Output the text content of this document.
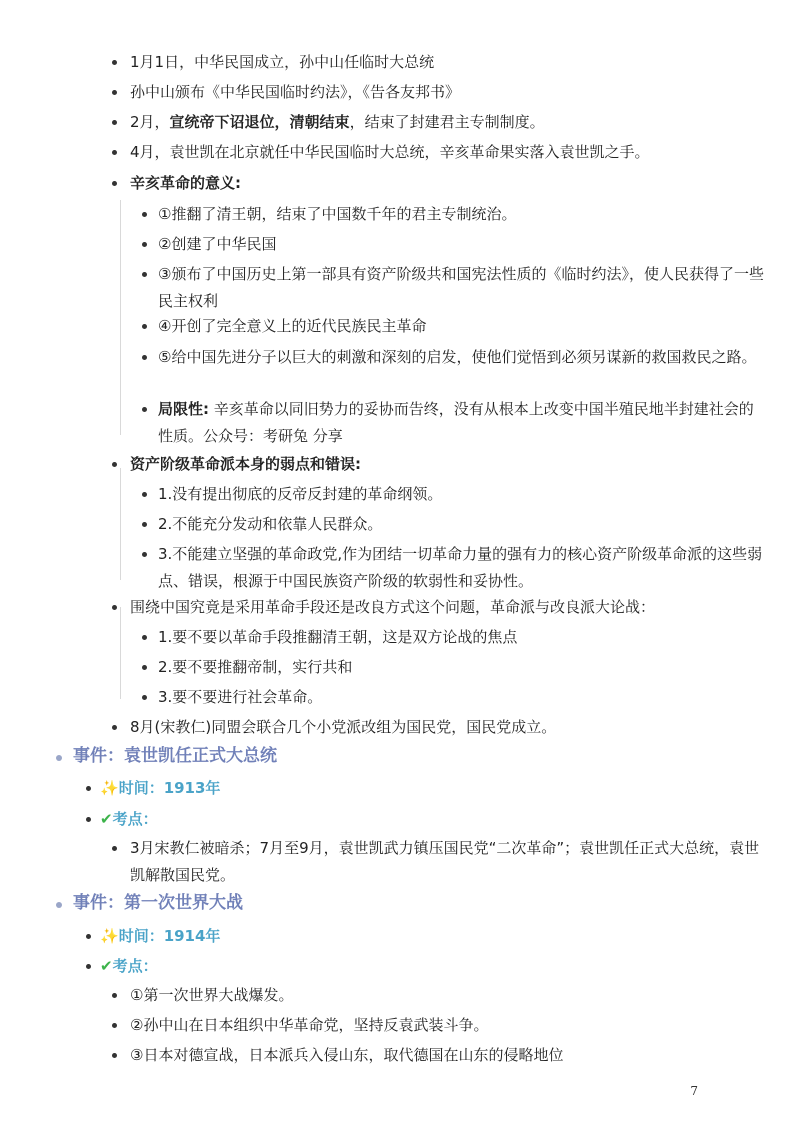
1月1日，中华民国成立，孙中山任临时大总统
孙中山颁布《中华民国临时约法》，《告各友邦书》
2月，宣统帝下诏退位，清朝结束，结束了封建君主专制制度。
4月，袁世凯在北京就任中华民国临时大总统，辛亥革命果实落入袁世凯之手。
辛亥革命的意义:
①推翻了清王朝，结束了中国数千年的君主专制统治。
②创建了中华民国
③颁布了中国历史上第一部具有资产阶级共和国宪法性质的《临时约法》，使人民获得了一些民主权利
④开创了完全意义上的近代民族民主革命
⑤给中国先进分子以巨大的刺激和深刻的启发，使他们觉悟到必须另谋新的救国救民之路。
局限性: 辛亥革命以同旧势力的妥协而告终，没有从根本上改变中国半殖民地半封建社会的性质。公众号：考研兔 分享
资产阶级革命派本身的弱点和错误:
1.没有提出彻底的反帝反封建的革命纲领。
2.不能充分发动和依靠人民群众。
3.不能建立坚强的革命政党,作为团结一切革命力量的强有力的核心资产阶级革命派的这些弱点、错误，根源于中国民族资产阶级的软弱性和妥协性。
围绕中国究竟是采用革命手段还是改良方式这个问题，革命派与改良派大论战：
1.要不要以革命手段推翻清王朝，这是双方论战的焦点
2.要不要推翻帝制，实行共和
3.要不要进行社会革命。
8月(宋教仁)同盟会联合几个小党派改组为国民党，国民党成立。
事件：袁世凯任正式大总统
✨时间：1913年
✔考点：
3月宋教仁被暗杀；7月至9月，袁世凯武力镇压国民党“二次革命”；袁世凯任正式大总统，袁世凯解散国民党。
事件：第一次世界大战
✨时间：1914年
✔考点：
①第一次世界大战爆发。
②孙中山在日本组织中华革命党，坚持反袁武装斗争。
③日本对德宣战，日本派兵入侵山东，取代德国在山东的侵略地位
7
